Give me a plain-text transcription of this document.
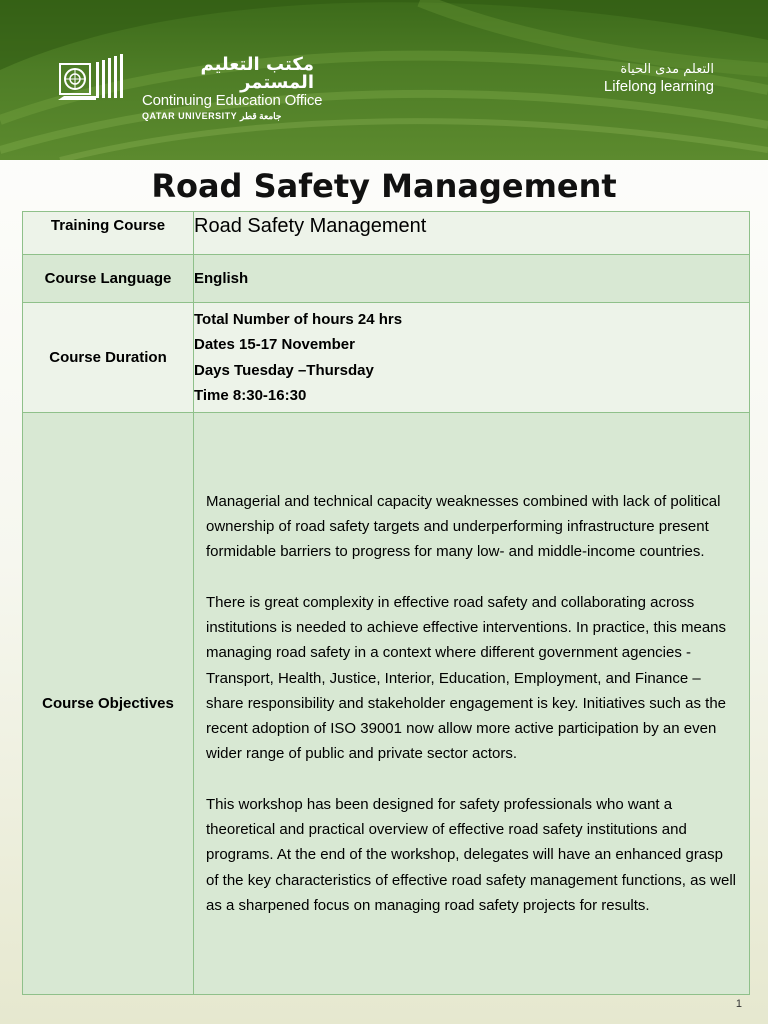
مكتب التعليم المستمر
Continuing Education Office
QATAR UNIVERSITY جامعة قطر
التعلم مدى الحياة
Lifelong learning
Road Safety Management
Training Course	Road Safety Management
Course Language	English
Course Duration	Total Number of hours 24 hrs
Dates 15-17 November
Days Tuesday –Thursday
Time 8:30-16:30

Course Objectives	Managerial and technical capacity weaknesses combined with lack of political ownership of road safety targets and underperforming infrastructure present formidable barriers to progress for many low- and middle-income countries.

There is great complexity in effective road safety and collaborating across institutions is needed to achieve effective interventions. In practice, this means managing road safety in a context where different government agencies - Transport, Health, Justice, Interior, Education, Employment, and Finance – share responsibility and stakeholder engagement is key. Initiatives such as the recent adoption of ISO 39001 now allow more active participation by an even wider range of public and private sector actors.

This workshop has been designed for safety professionals who want a theoretical and practical overview of effective road safety institutions and programs. At the end of the workshop, delegates will have an enhanced grasp of the key characteristics of effective road safety management functions, as well as a sharpened focus on managing road safety projects for results.

1
